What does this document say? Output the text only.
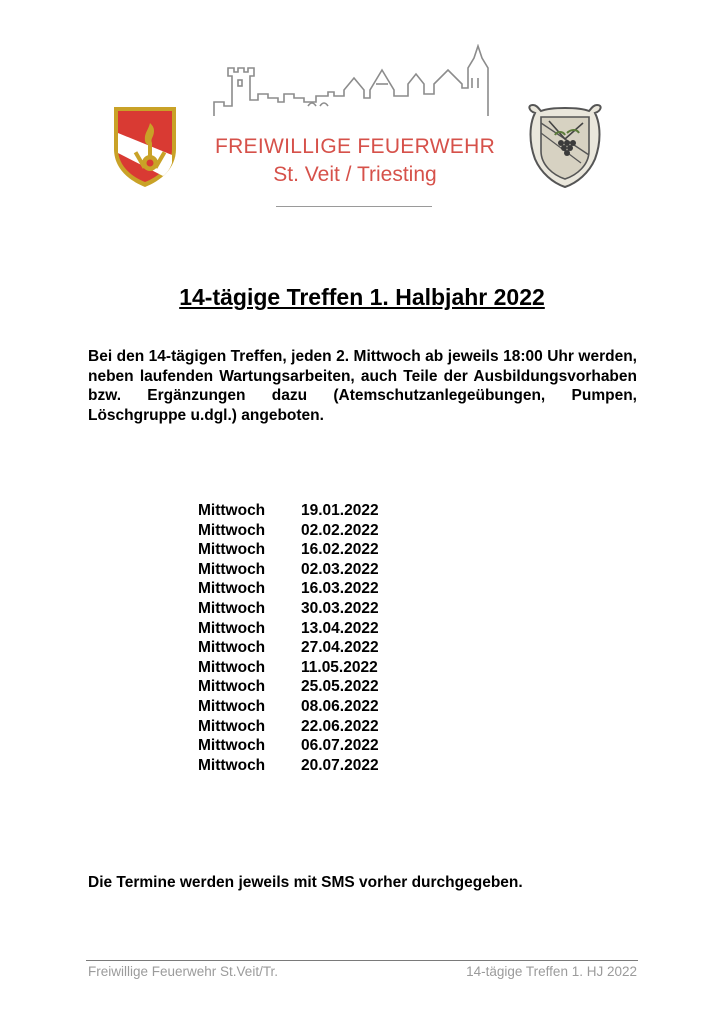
FREIWILLIGE FEUERWEHR
St. Veit / Triesting
14-tägige Treffen 1. Halbjahr 2022

Bei den 14-tägigen Treffen, jeden 2. Mittwoch ab jeweils 18:00 Uhr werden, neben laufenden Wartungsarbeiten, auch Teile der Ausbildungsvorhaben bzw. Ergänzungen dazu (Atemschutzanlegeübungen, Pumpen, Löschgruppe u.dgl.) angeboten.

Mittwoch	19.01.2022
Mittwoch	02.02.2022
Mittwoch	16.02.2022
Mittwoch	02.03.2022
Mittwoch	16.03.2022
Mittwoch	30.03.2022
Mittwoch	13.04.2022
Mittwoch	27.04.2022
Mittwoch	11.05.2022
Mittwoch	25.05.2022
Mittwoch	08.06.2022
Mittwoch	22.06.2022
Mittwoch	06.07.2022
Mittwoch	20.07.2022

Die Termine werden jeweils mit SMS vorher durchgegeben.

Freiwillige Feuerwehr St.Veit/Tr.	14-tägige Treffen 1. HJ 2022
